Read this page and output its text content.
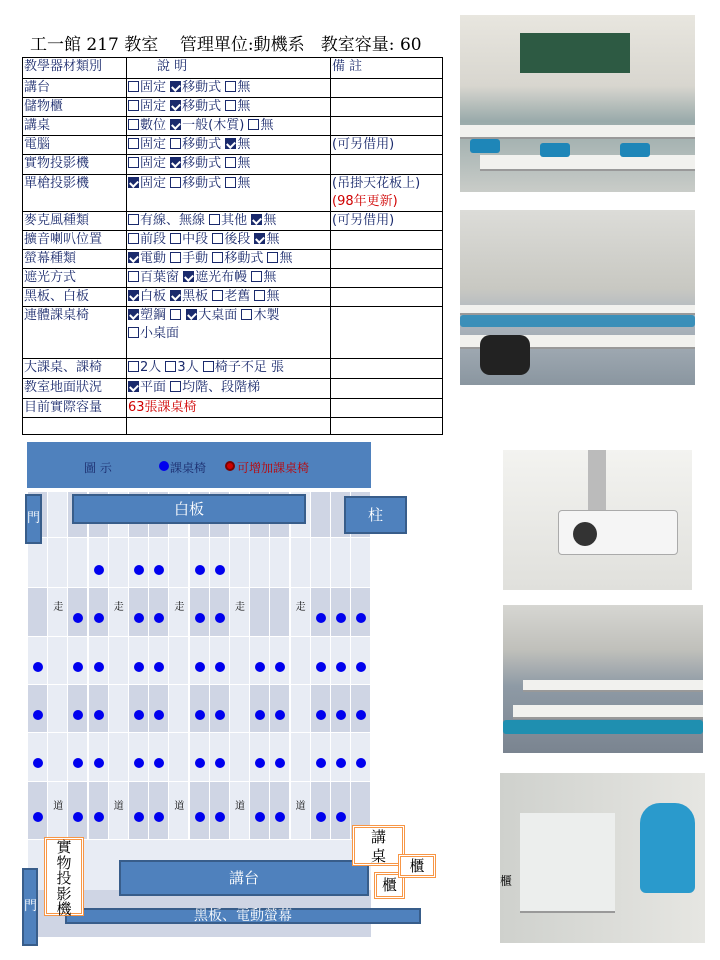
工一館 217 教室    管理單位:動機系   教室容量: 60
教學器材類別	說 明	備 註
講台	固定 移動式 無	
儲物櫃	固定 移動式 無	
講桌	數位 一般(木質) 無	
電腦	固定 移動式 無	(可另借用)
實物投影機	固定 移動式 無	
單槍投影機	固定 移動式 無	(吊掛天花板上)
(98年更新)
麥克風種類	有線、無線 其他 無	(可另借用)
擴音喇叭位置	前段 中段 後段 無	
螢幕種類	電動 手動 移動式 無	
遮光方式	百葉窗 遮光布幔 無	
黑板、白板	白板 黑板 老舊 無	
連體課桌椅	塑鋼 大桌面 木製
小桌面	
大課桌、課椅	2人 3人 椅子不足 張	
教室地面狀況	平面 均階、段階梯	
目前實際容量	63張課桌椅	

櫃
圖 示	課桌椅	可增加課桌椅
走
道
走
道
走
道
走
道
走
道
門
白板	柱
講台
黑板、電動螢幕
門
實
物
投
影
機
講
桌
櫃
櫃
